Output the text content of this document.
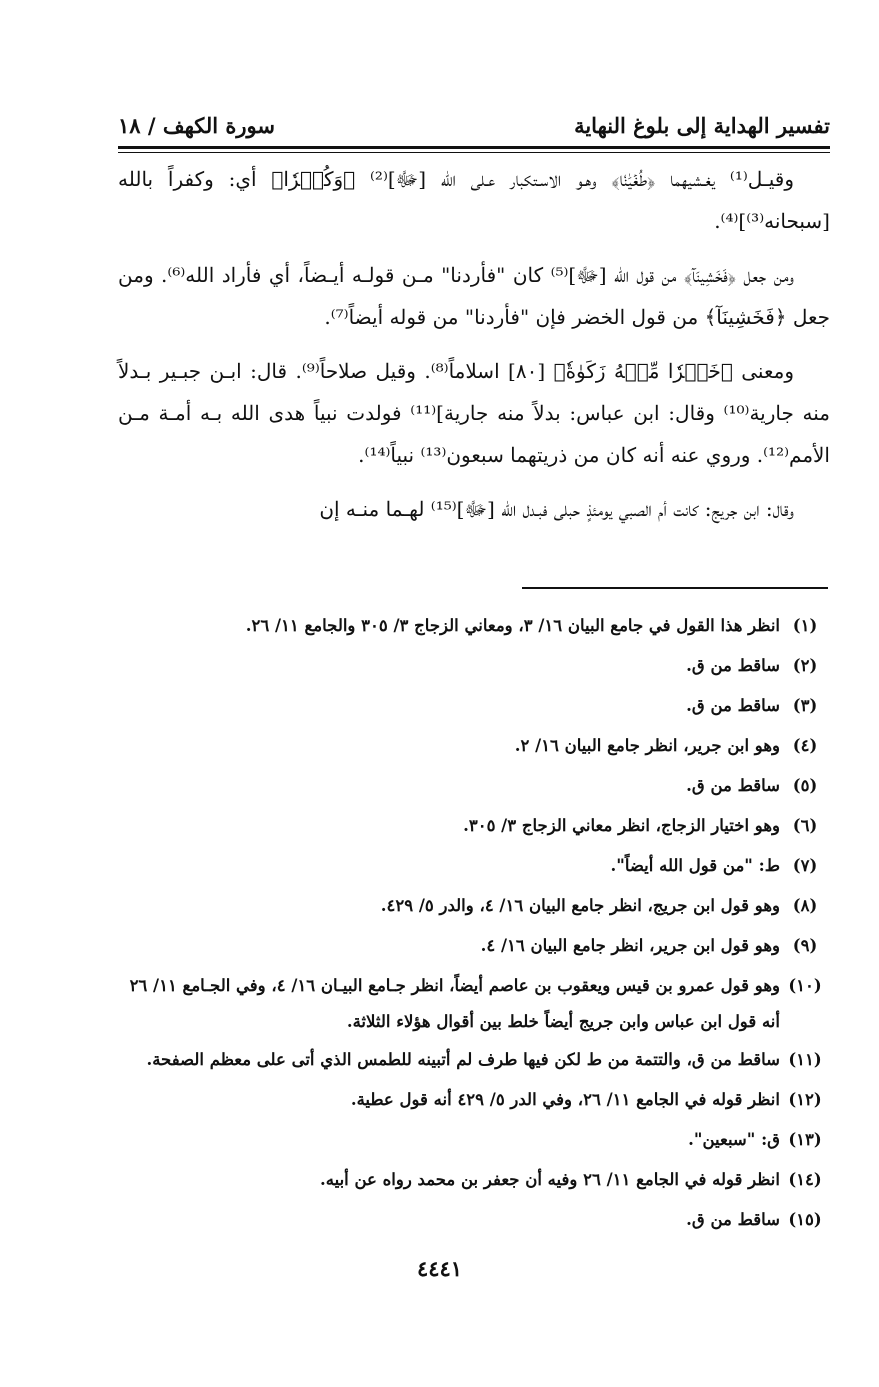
تفسير الهداية إلى بلوغ النهاية
سورة الكهف / ١٨

وقيـل⁽¹⁾ يغـشيهما ﴿طُغۡيَٰنٗا﴾ وهـو الاسـتكبار عـلى الله [ﷻ]⁽²⁾ ﴿وَكُفۡرٗا﴾ أي: وكفراً بالله [سبحانه⁽³⁾]⁽⁴⁾.

ومن جعل ﴿فَخَشِينَآ﴾ من قول الله [ﷻ]⁽⁵⁾ كان "فأردنا" مـن قولـه أيـضاً، أي فأراد الله⁽⁶⁾. ومن جعل ﴿فَخَشِينَآ﴾ من قول الخضر فإن "فأردنا" من قوله أيضاً⁽⁷⁾.

ومعنى ﴿خَيۡرٗا مِّنۡهُ زَكَوٰةٗ﴾ [٨٠] اسلاماً⁽⁸⁾. وقيل صلاحاً⁽⁹⁾. قال: ابـن جبـير بـدلاً منه جارية⁽¹⁰⁾ وقال: ابن عباس: بدلاً منه جارية]⁽¹¹⁾ فولدت نبياً هدى الله بـه أمـة مـن الأمم⁽¹²⁾. وروي عنه أنه كان من ذريتهما سبعون⁽¹³⁾ نبياً⁽¹⁴⁾.

وقال: ابن جريج: كانت أم الصبي يومئذٍ حبلى فبـدل الله [ﷻ]⁽¹⁵⁾ لهـما منـه إن

(١)
انظر هذا القول في جامع البيان ١٦/ ٣، ومعاني الزجاج ٣/ ٣٠٥ والجامع ١١/ ٢٦.
(٢)
ساقط من ق.
(٣)
ساقط من ق.
(٤)
وهو ابن جرير، انظر جامع البيان ١٦/ ٢.
(٥)
ساقط من ق.
(٦)
وهو اختيار الزجاج، انظر معاني الزجاج ٣/ ٣٠٥.
(٧)
ط: "من قول الله أيضاً".
(٨)
وهو قول ابن جريج، انظر جامع البيان ١٦/ ٤، والدر ٥/ ٤٢٩.
(٩)
وهو قول ابن جرير، انظر جامع البيان ١٦/ ٤.
(١٠)
وهو قول عمرو بن قيس ويعقوب بن عاصم أيضاً، انظر جـامع البيـان ١٦/ ٤، وفي الجـامع ١١/ ٢٦ أنه قول ابن عباس وابن جريج أيضاً خلط بين أقوال هؤلاء الثلاثة.
(١١)
ساقط من ق، والتتمة من ط لكن فيها طرف لم أتبينه للطمس الذي أتى على معظم الصفحة.
(١٢)
انظر قوله في الجامع ١١/ ٢٦، وفي الدر ٥/ ٤٢٩ أنه قول عطية.
(١٣)
ق: "سبعين".
(١٤)
انظر قوله في الجامع ١١/ ٢٦ وفيه أن جعفر بن محمد رواه عن أبيه.
(١٥)
ساقط من ق.
٤٤٤١
